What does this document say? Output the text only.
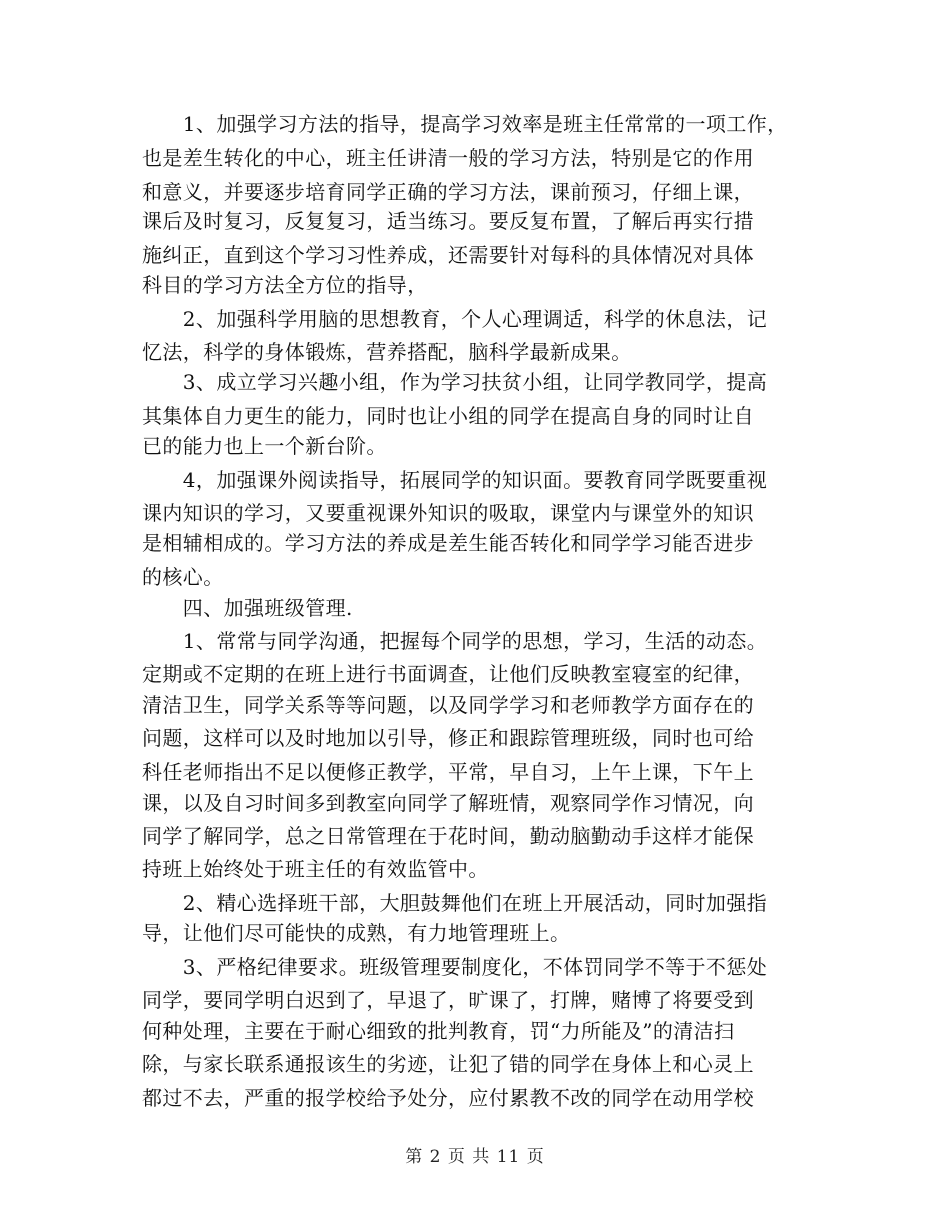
　　1、加强学习方法的指导，提高学习效率是班主任常常的一项工作，
也是差生转化的中心，班主任讲清一般的学习方法，特别是它的作用
和意义，并要逐步培育同学正确的学习方法，课前预习，仔细上课，
课后及时复习，反复复习，适当练习。要反复布置，了解后再实行措
施纠正，直到这个学习习性养成，还需要针对每科的具体情况对具体
科目的学习方法全方位的指导，
　　2、加强科学用脑的思想教育，个人心理调适，科学的休息法，记
忆法，科学的身体锻炼，营养搭配，脑科学最新成果。
　　3、成立学习兴趣小组，作为学习扶贫小组，让同学教同学，提高
其集体自力更生的能力，同时也让小组的同学在提高自身的同时让自
已的能力也上一个新台阶。
　　4，加强课外阅读指导，拓展同学的知识面。要教育同学既要重视
课内知识的学习，又要重视课外知识的吸取，课堂内与课堂外的知识
是相辅相成的。学习方法的养成是差生能否转化和同学学习能否进步
的核心。
　　四、加强班级管理.
　　1、常常与同学沟通，把握每个同学的思想，学习，生活的动态。
定期或不定期的在班上进行书面调查，让他们反映教室寝室的纪律，
清洁卫生，同学关系等等问题，以及同学学习和老师教学方面存在的
问题，这样可以及时地加以引导，修正和跟踪管理班级，同时也可给
科任老师指出不足以便修正教学，平常，早自习，上午上课，下午上
课，以及自习时间多到教室向同学了解班情，观察同学作习情况，向
同学了解同学，总之日常管理在于花时间，勤动脑勤动手这样才能保
持班上始终处于班主任的有效监管中。
　　2、精心选择班干部，大胆鼓舞他们在班上开展活动，同时加强指
导，让他们尽可能快的成熟，有力地管理班上。
　　3、严格纪律要求。班级管理要制度化，不体罚同学不等于不惩处
同学，要同学明白迟到了，早退了，旷课了，打牌，赌博了将要受到
何种处理，主要在于耐心细致的批判教育，罚“力所能及”的清洁扫
除，与家长联系通报该生的劣迹，让犯了错的同学在身体上和心灵上
都过不去，严重的报学校给予处分，应付累教不改的同学在动用学校
第 2 页 共 11 页
